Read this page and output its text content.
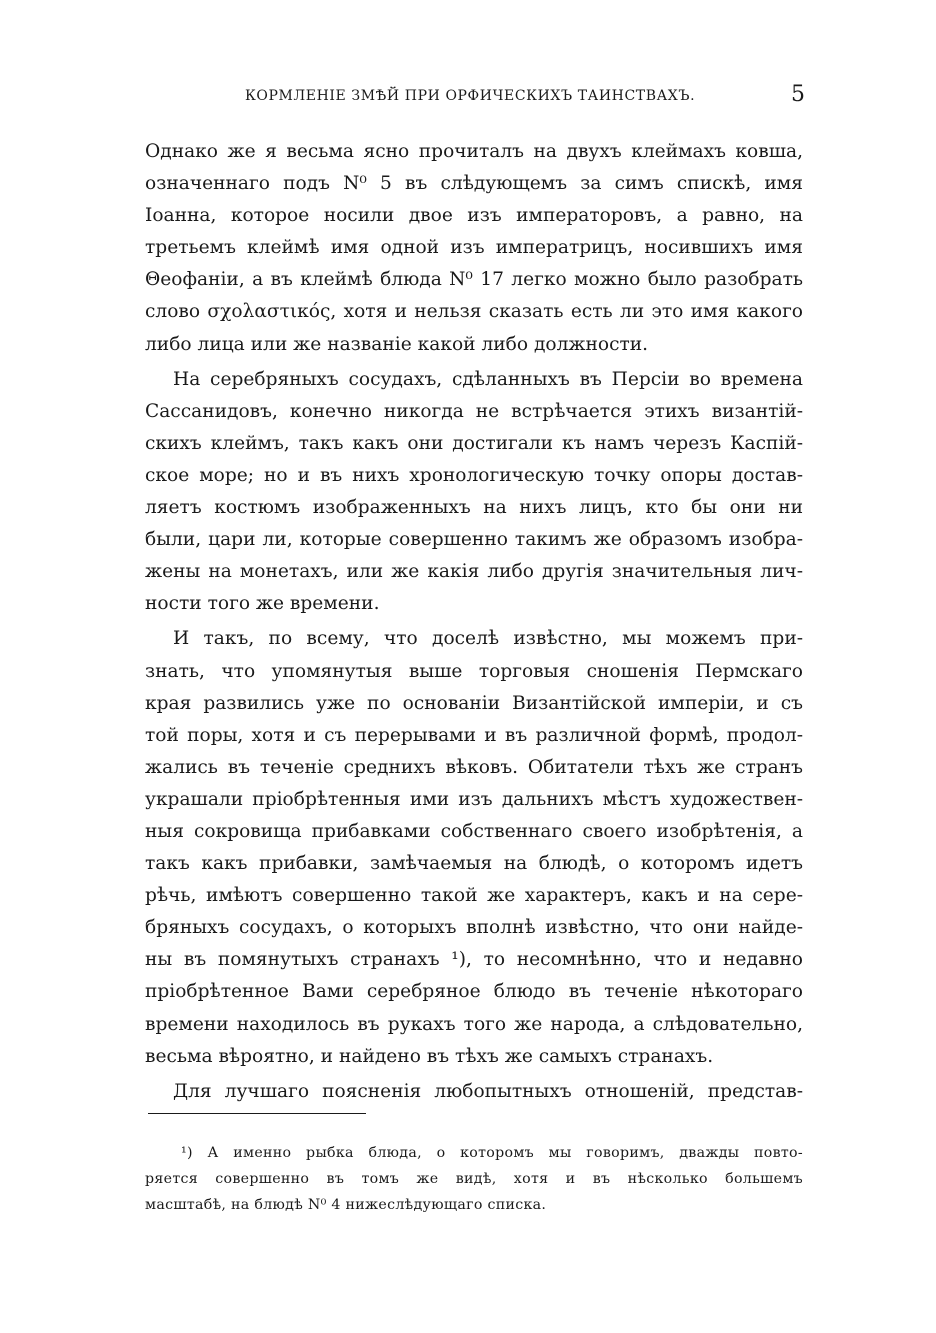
КОРМЛЕНIЕ ЗМѢЙ ПРИ ОРФИЧЕСКИХЪ ТАИНСТВАХЪ.	5
Однако же я весьма ясно прочиталъ на двухъ клеймахъ ковша,
означеннаго подъ N⁰ 5 въ слѣдующемъ за симъ спискѣ, имя
Iоанна, которое носили двое изъ императоровъ, а равно, на
третьемъ клеймѣ имя одной изъ императрицъ, носившихъ имя
Θеофанiи, а въ клеймѣ блюда N⁰ 17 легко можно было разобрать
слово σχολαστικός, хотя и нельзя сказать есть ли это имя какого
либо лица или же названiе какой либо должности.
На серебряныхъ сосудахъ, сдѣланныхъ въ Персiи во времена
Сассанидовъ, конечно никогда не встрѣчается этихъ византiй-
скихъ клеймъ, такъ какъ они достигали къ намъ черезъ Каспiй-
ское море; но и въ нихъ хронологическую точку опоры достав-
ляетъ костюмъ изображенныхъ на нихъ лицъ, кто бы они ни
были, цари ли, которые совершенно такимъ же образомъ изобра-
жены на монетахъ, или же какiя либо другiя значительныя лич-
ности того же времени.
И такъ, по всему, что доселѣ извѣстно, мы можемъ при-
знать, что упомянутыя выше торговыя сношенiя Пермскаго
края развились уже по основанiи Византiйской имперiи, и съ
той поры, хотя и съ перерывами и въ различной формѣ, продол-
жались въ теченiе среднихъ вѣковъ. Обитатели тѣхъ же странъ
украшали прiобрѣтенныя ими изъ дальнихъ мѣстъ художествен-
ныя сокровища прибавками собственнаго своего изобрѣтенiя, а
такъ какъ прибавки, замѣчаемыя на блюдѣ, о которомъ идетъ
рѣчь, имѣютъ совершенно такой же характеръ, какъ и на сере-
бряныхъ сосудахъ, о которыхъ вполнѣ извѣстно, что они найде-
ны въ помянутыхъ странахъ ¹), то несомнѣнно, что и недавно
прiобрѣтенное Вами серебряное блюдо въ теченiе нѣкотораго
времени находилось въ рукахъ того же народа, а слѣдовательно,
весьма вѣроятно, и найдено въ тѣхъ же самыхъ странахъ.
Для лучшаго поясненiя любопытныхъ отношенiй, представ-
¹) А именно рыбка блюда, о которомъ мы говоримъ, дважды повто-
ряется совершенно въ томъ же видѣ, хотя и въ нѣсколько большемъ
масштабѣ, на блюдѣ N⁰ 4 нижеслѣдующаго списка.
